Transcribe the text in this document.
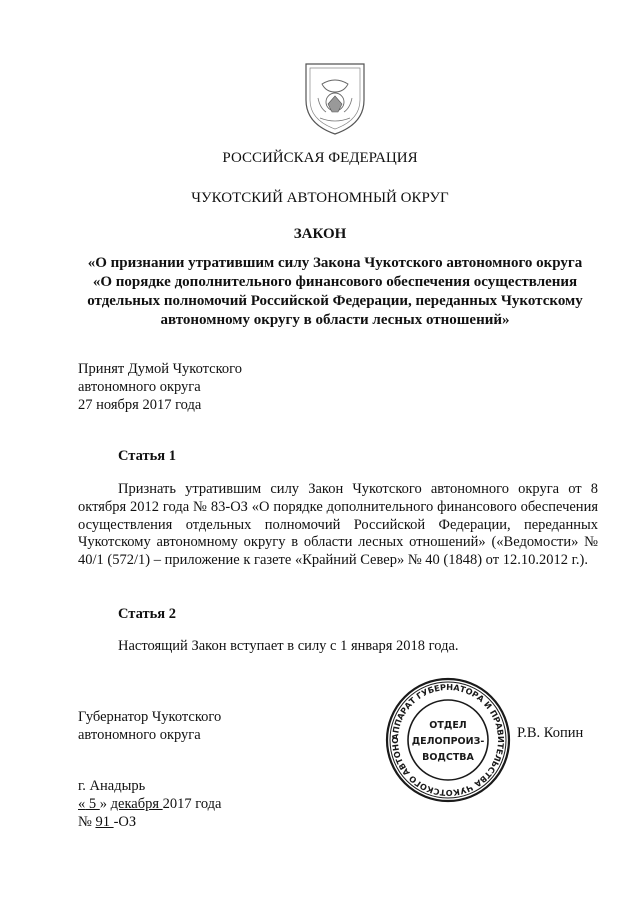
РОССИЙСКАЯ ФЕДЕРАЦИЯ
ЧУКОТСКИЙ АВТОНОМНЫЙ ОКРУГ
ЗАКОН
«О признании утратившим силу Закона Чукотского автономного округа
«О порядке дополнительного финансового обеспечения осуществления
отдельных полномочий Российской Федерации, переданных Чукотскому
автономному округу в области лесных отношений»
Принят Думой Чукотского
автономного округа
27 ноября 2017 года
Статья 1
Признать утратившим силу Закон Чукотского автономного округа от 8 октября 2012 года № 83-ОЗ «О порядке дополнительного финансового обеспечения осуществления отдельных полномочий Российской Федерации, переданных Чукотскому автономному округу в области лесных отношений» («Ведомости» № 40/1 (572/1) – приложение к газете «Крайний Север» № 40 (1848) от 12.10.2012 г.).
Статья 2
Настоящий Закон вступает в силу с 1 января 2018 года.
Губернатор Чукотского
автономного округа	АППАРАТ ГУБЕРНАТОРА И ПРАВИТЕЛЬСТВА ЧУКОТСКОГО АВТОНО
ОТДЕЛ
ДЕЛОПРОИЗ-
ВОДСТВА
Р.В. Копин
г. Анадырь
« 5 » декабря 2017 года
№ 91 -ОЗ
